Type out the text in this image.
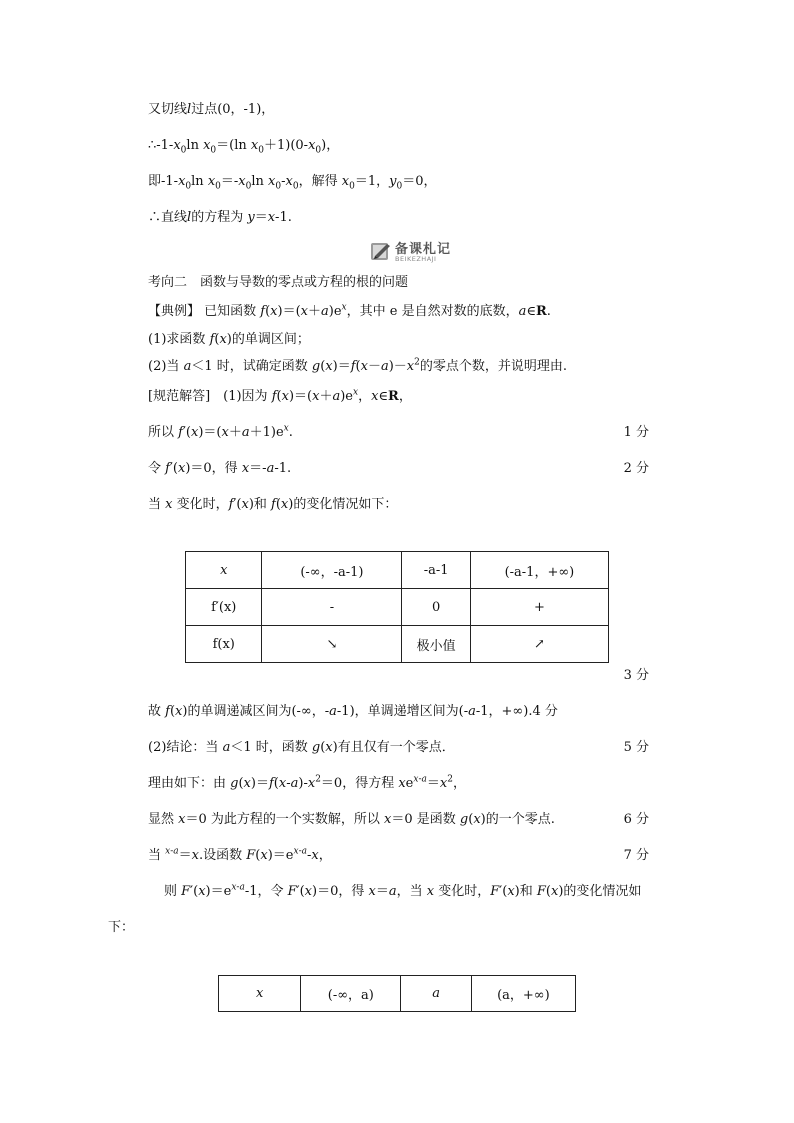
又切线l过点(0，-1)，
$\therefore-1-x_0\ln$ $x_0=(\ln$ $x_0+1)(0-x_0)$，
即$-1-x_0\ln$ $x_0=-x_0\ln$ $x_0-x_0$，解得 $x_0=1$，$y_0=0$，
∴直线l的方程为 y＝x-1.
备课札记
BEIKEZHAJI
考向二　函数与导数的零点或方程的根的问题
【典例】 已知函数 $f(x)=(x+a)e^x$，其中 e 是自然对数的底数，a∈R.
(1)求函数 f(x)的单调区间；
(2)当 a＜1 时，试确定函数 $g(x)=f(x-a)-x^2$的零点个数，并说明理由.
[规范解答]　(1)因为 $f(x)=(x+a)e^x$，x∈R，
所以 $f'(x)=(x+a+1)e^x$.	1 分
令 f′(x)＝0，得 x＝-a-1.	2 分
当 x 变化时，f′(x)和 f(x)的变化情况如下：
x	(-∞，-a-1)	-a-1	(-a-1，+∞)
f′(x)	-	0	+
f(x)	↘	极小值	↗
3 分
故 f(x)的单调递减区间为(-∞，-a-1)，单调递增区间为(-a-1，+∞).4 分
(2)结论：当 a＜1 时，函数 g(x)有且仅有一个零点．	5 分
理由如下：由 $g(x)=f(x-a)-x^2=0$，得方程 $xe^{x-a}=x^2$，
显然 x＝0 为此方程的一个实数解，所以 x＝0 是函数 g(x)的一个零点.	6 分
当 $^{x-a}$＝x.设函数 $F(x)=e^{x-a}-x$，	7 分
则 $F'(x)=e^{x-a}-1$，令 F′(x)＝0，得 x＝a，当 x 变化时，F′(x)和 F(x)的变化情况如
下：
x	(-∞，a)	a	(a，+∞)
